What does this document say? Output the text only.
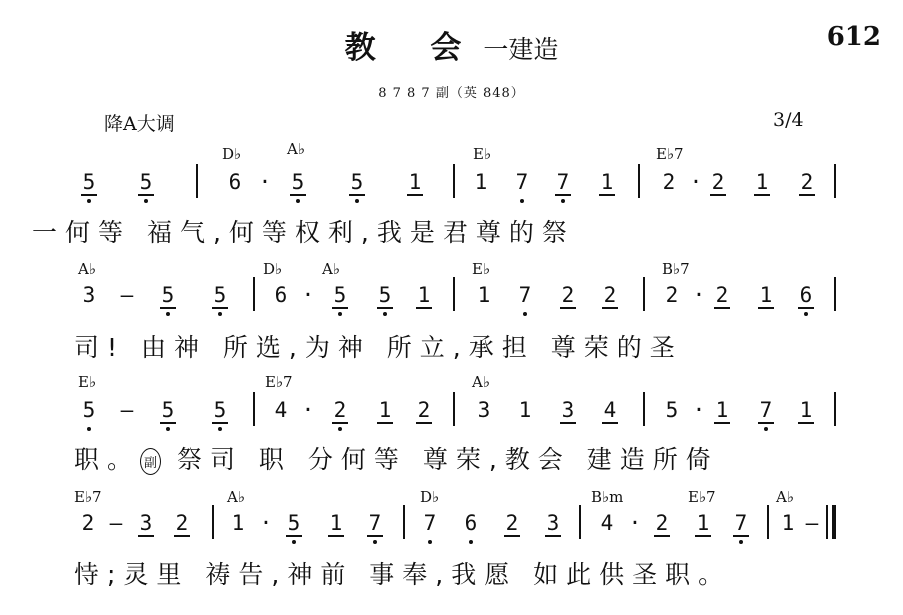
教 会一建造	612
8 7 8 7 副（英 848）
降A大调	3/4
D♭	A♭	E♭	E♭7
5 5	6 · 5 5 1	1 7 7 1 2 · 2 1 2
一何等 福气,何等权利,我是君尊的祭
A♭	D♭	A♭	E♭	B♭7
3 — 5 5 6 · 5 5 1 1 7 2 2 2 · 2 1 6
司! 由神 所选,为神 所立,承担 尊荣的圣
E♭	E♭7	A♭
5 — 5 5 4 · 2 1 2 3 1 3 4 5 · 1 7 1
职。 副 祭司 职 分何等 尊荣,教会 建造所倚
E♭7	A♭	D♭	B♭m	E♭7	A♭
2 — 3 2 1 · 5 1 7 7 6 2 3 4 · 2 1 7 1 —
恃;灵里 祷告,神前 事奉,我愿 如此供圣职。
